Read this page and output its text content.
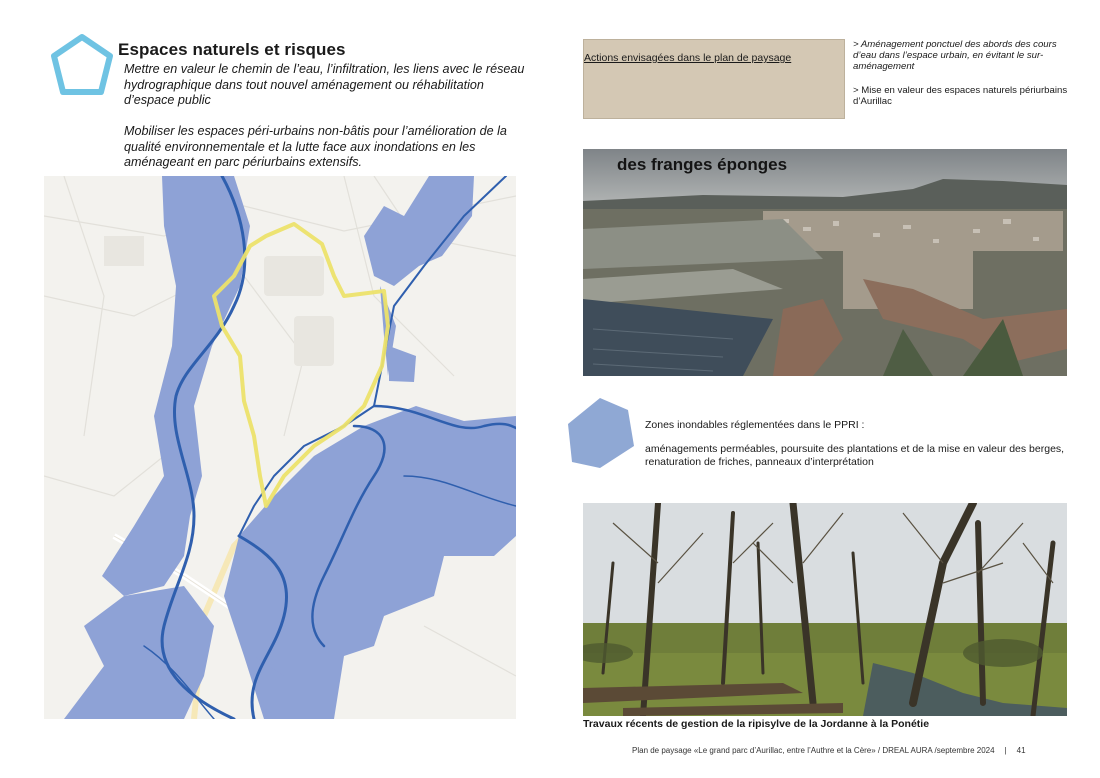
Espaces naturels et risques
Mettre en valeur le chemin de l’eau, l’infiltration, les liens avec le réseau hydrographique dans tout nouvel aménagement ou réhabilitation d’espace public
Mobiliser les espaces péri-urbains non-bâtis pour l’amélioration de la qualité environnementale et la lutte face aux inondations en les aménageant en parc périurbains extensifs.
Actions envisagées dans le plan de paysage
> Aménagement ponctuel des abords des cours d’eau dans l’espace urbain, en évitant le sur-aménagement
> Mise en valeur des espaces naturels périurbains d’Aurillac
des franges éponges
Zones inondables réglementées dans le PPRI :
aménagements perméables, poursuite des plantations et de la mise en valeur des berges, renaturation de friches, panneaux d’interprétation
Travaux récents de gestion de la ripisylve de la Jordanne à la Ponétie
Plan de paysage «Le grand parc d’Aurillac, entre l’Authre et la Cère» / DREAL AURA /septembre 2024 | 41
